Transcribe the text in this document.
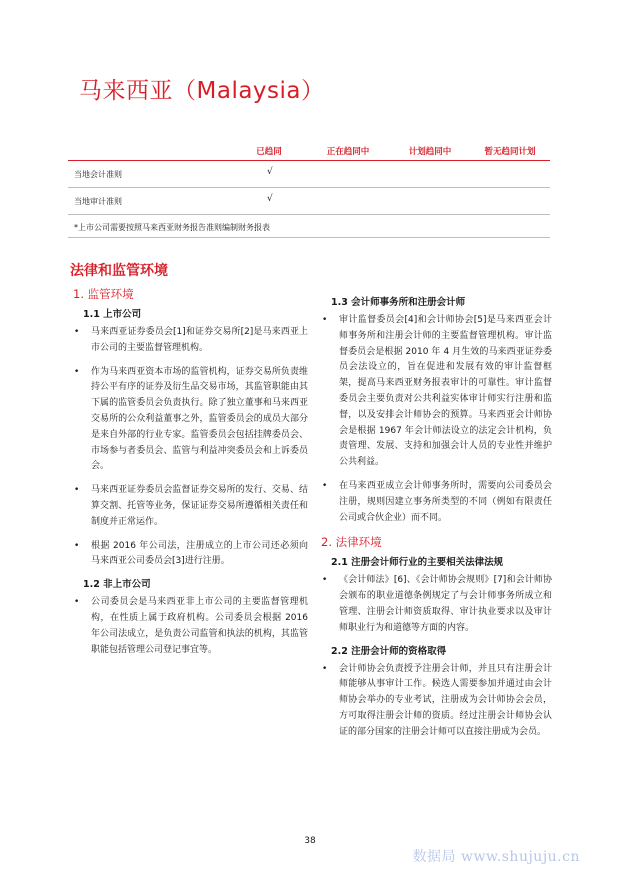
马来西亚（Malaysia）
已趋同	正在趋同中	计划趋同中	暂无趋同计划
当地会计准则	√
当地审计准则	√
*上市公司需要按照马来西亚财务报告准则编制财务报表
法律和监管环境
1. 监管环境
1.1 上市公司
• 马来西亚证券委员会[1]和证券交易所[2]是马来西亚上市公司的主要监督管理机构。
• 作为马来西亚资本市场的监管机构，证券交易所负责维持公平有序的证券及衍生品交易市场，其监管职能由其下属的监管委员会负责执行。除了独立董事和马来西亚交易所的公众利益董事之外，监管委员会的成员大部分是来自外部的行业专家。监管委员会包括挂牌委员会、市场参与者委员会、监管与利益冲突委员会和上诉委员会。
• 马来西亚证券委员会监督证券交易所的发行、交易、结算交割、托管等业务，保证证券交易所遵循相关责任和制度并正常运作。
• 根据 2016 年公司法，注册成立的上市公司还必须向马来西亚公司委员会[3]进行注册。
1.2 非上市公司
• 公司委员会是马来西亚非上市公司的主要监督管理机构，在性质上属于政府机构。公司委员会根据 2016 年公司法成立，是负责公司监管和执法的机构，其监管职能包括管理公司登记事宜等。
1.3 会计师事务所和注册会计师
• 审计监督委员会[4]和会计师协会[5]是马来西亚会计师事务所和注册会计师的主要监督管理机构。审计监督委员会是根据 2010 年 4 月生效的马来西亚证券委员会法设立的，旨在促进和发展有效的审计监督框架，提高马来西亚财务报表审计的可靠性。审计监督委员会主要负责对公共利益实体审计师实行注册和监督，以及安排会计师协会的预算。马来西亚会计师协会是根据 1967 年会计师法设立的法定会计机构，负责管理、发展、支持和加强会计人员的专业性并维护公共利益。
• 在马来西亚成立会计师事务所时，需要向公司委员会注册，规则因建立事务所类型的不同（例如有限责任公司或合伙企业）而不同。
2. 法律环境
2.1 注册会计师行业的主要相关法律法规
• 《会计师法》[6]、《会计师协会规则》[7]和会计师协会颁布的职业道德条例规定了与会计师事务所成立和管理、注册会计师资质取得、审计执业要求以及审计师职业行为和道德等方面的内容。
2.2 注册会计师的资格取得
• 会计师协会负责授予注册会计师，并且只有注册会计师能够从事审计工作。候选人需要参加并通过由会计师协会举办的专业考试，注册成为会计师协会会员，方可取得注册会计师的资质。经过注册会计师协会认证的部分国家的注册会计师可以直接注册成为会员。
38
数据局 www.shujuju.cn
